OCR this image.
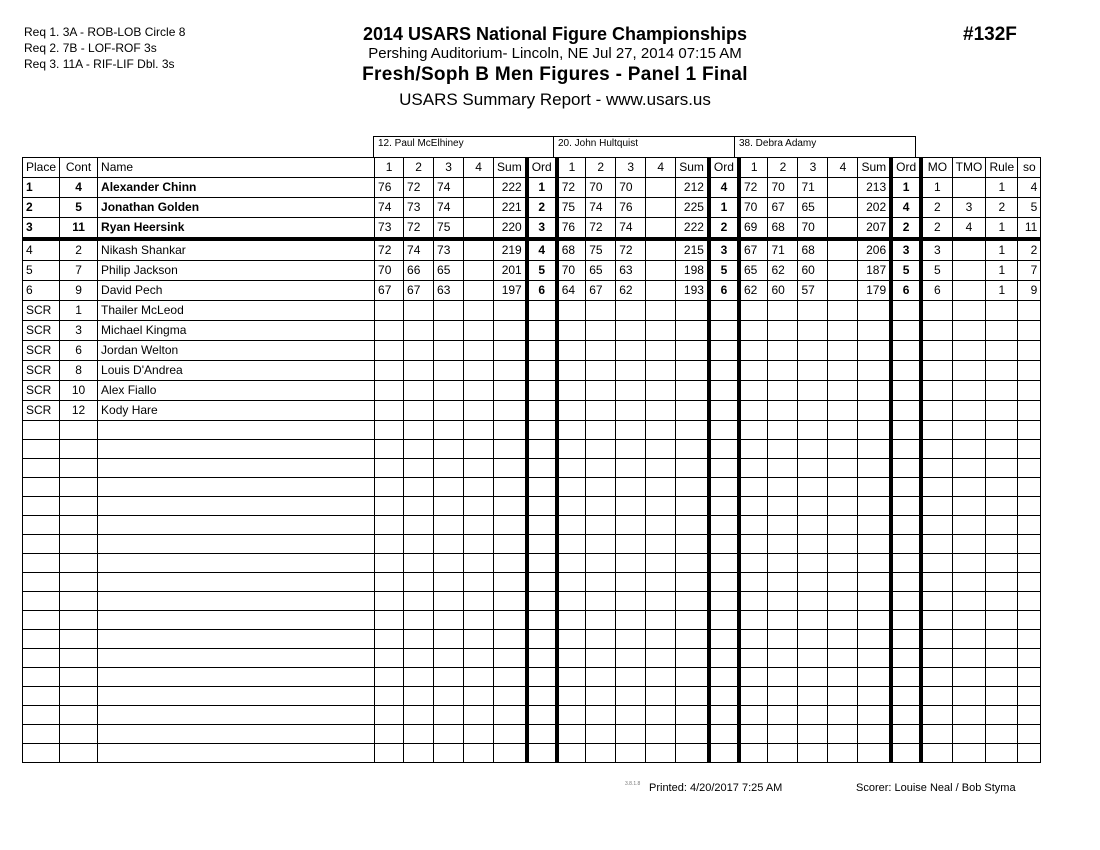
Req 1. 3A - ROB-LOB Circle 8
Req 2. 7B - LOF-ROF 3s
Req 3. 11A - RIF-LIF Dbl. 3s
2014 USARS National Figure Championships
Pershing Auditorium- Lincoln, NE Jul 27, 2014 07:15 AM
Fresh/Soph B Men Figures - Panel 1 Final
USARS Summary Report - www.usars.us
#132F
12. Paul McElhiney	20. John Hultquist	38. Debra Adamy
Place	Cont	Name	1	2	3	4	Sum	Ord	1	2	3	4	Sum	Ord	1	2	3	4	Sum	Ord	MO	TMO	Rule	so
1	4	Alexander Chinn	76	72	74		222	1	72	70	70		212	4	72	70	71		213	1	1		1	4
2	5	Jonathan Golden	74	73	74		221	2	75	74	76		225	1	70	67	65		202	4	2	3	2	5
3	11	Ryan Heersink	73	72	75		220	3	76	72	74		222	2	69	68	70		207	2	2	4	1	11
4	2	Nikash Shankar	72	74	73		219	4	68	75	72		215	3	67	71	68		206	3	3		1	2
5	7	Philip Jackson	70	66	65		201	5	70	65	63		198	5	65	62	60		187	5	5		1	7
6	9	David Pech	67	67	63		197	6	64	67	62		193	6	62	60	57		179	6	6		1	9
SCR	1	Thailer McLeod																						
SCR	3	Michael Kingma																						
SCR	6	Jordan Welton																						
SCR	8	Louis D'Andrea																						
SCR	10	Alex Fiallo																						
SCR	12	Kody Hare																						

3.8.1.8 Printed: 4/20/2017 7:25 AM	Scorer: Louise Neal / Bob Styma
